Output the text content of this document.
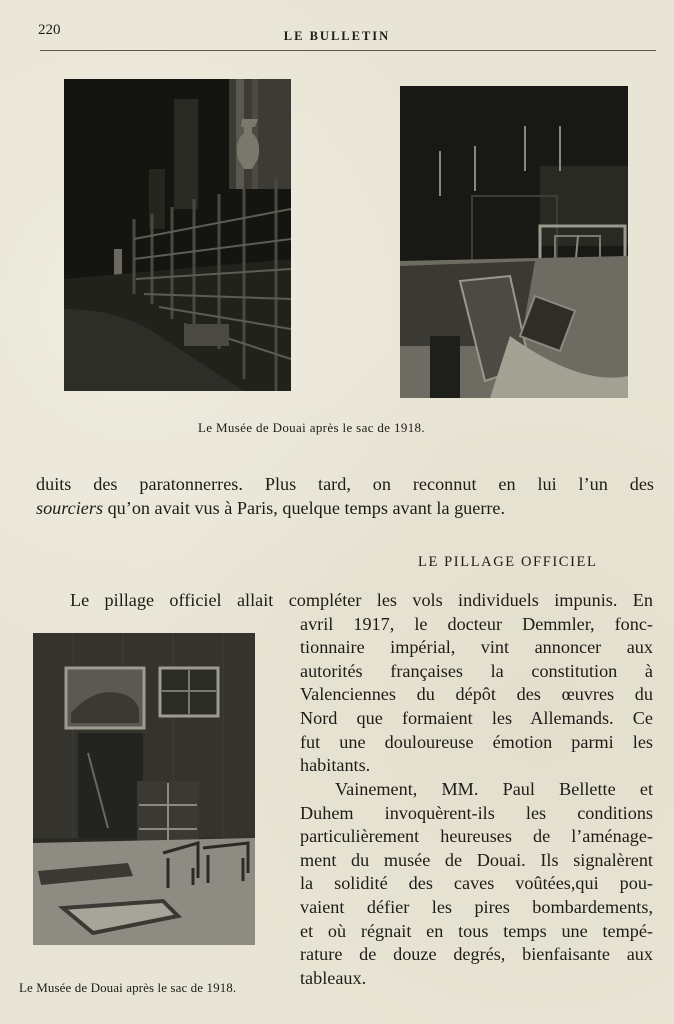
220	LE BULLETIN
Le Musée de Douai après le sac de 1918.
duits des paratonnerres. Plus tard, on reconnut en lui l’un des
sourciers qu’on avait vus à Paris, quelque temps avant la guerre.
LE PILLAGE OFFICIEL
Le pillage officiel allait compléter les vols individuels impunis. En
avril 1917, le docteur Demmler, fonc-
tionnaire impérial, vint annoncer aux
autorités françaises la constitution à
Valenciennes du dépôt des œuvres du
Nord que formaient les Allemands. Ce
fut une douloureuse émotion parmi les
habitants.
Vainement, MM. Paul Bellette et
Duhem invoquèrent-ils les conditions
particulièrement heureuses de l’aménage-
ment du musée de Douai. Ils signalèrent
la solidité des caves voûtées,qui pou-
vaient défier les pires bombardements,
et où régnait en tous temps une tempé-
rature de douze degrés, bienfaisante aux
tableaux.
Le Musée de Douai après le sac de 1918.
